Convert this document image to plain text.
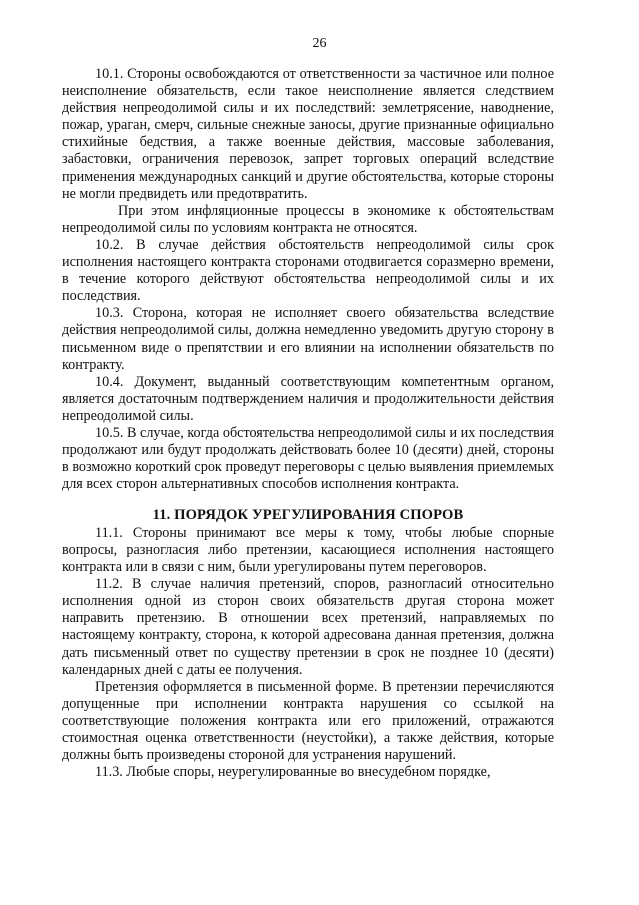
26

10.1. Стороны освобождаются от ответственности за частичное или полное неисполнение обязательств, если такое неисполнение является следствием действия непреодолимой силы и их последствий: землетрясение, наводнение, пожар, ураган, смерч, сильные снежные заносы, другие признанные официально стихийные бедствия, а также военные действия, массовые заболевания, забастовки, ограничения перевозок, запрет торговых операций вследствие применения международных санкций и другие обстоятельства, которые стороны не могли предвидеть или предотвратить.

При этом инфляционные процессы в экономике к обстоятельствам непреодолимой силы по условиям контракта не относятся.

10.2. В случае действия обстоятельств непреодолимой силы срок исполнения настоящего контракта сторонами отодвигается соразмерно времени, в течение которого действуют обстоятельства непреодолимой силы и их последствия.

10.3. Сторона, которая не исполняет своего обязательства вследствие действия непреодолимой силы, должна немедленно уведомить другую сторону в письменном виде о препятствии и его влиянии на исполнении обязательств по контракту.

10.4. Документ, выданный соответствующим компетентным органом, является достаточным подтверждением наличия и продолжительности действия непреодолимой силы.

10.5. В случае, когда обстоятельства непреодолимой силы и их последствия продолжают или будут продолжать действовать более 10 (десяти) дней, стороны в возможно короткий срок проведут переговоры с целью выявления приемлемых для всех сторон альтернативных способов исполнения контракта.

11. ПОРЯДОК УРЕГУЛИРОВАНИЯ СПОРОВ

11.1. Стороны принимают все меры к тому, чтобы любые спорные вопросы, разногласия либо претензии, касающиеся исполнения настоящего контракта или в связи с ним, были урегулированы путем переговоров.

11.2. В случае наличия претензий, споров, разногласий относительно исполнения одной из сторон своих обязательств другая сторона может направить претензию. В отношении всех претензий, направляемых по настоящему контракту, сторона, к которой адресована данная претензия, должна дать письменный ответ по существу претензии в срок не позднее 10 (десяти) календарных дней с даты ее получения.

Претензия оформляется в письменной форме. В претензии перечисляются допущенные при исполнении контракта нарушения со ссылкой на соответствующие положения контракта или его приложений, отражаются стоимостная оценка ответственности (неустойки), а также действия, которые должны быть произведены стороной для устранения нарушений.

11.3. Любые споры, неурегулированные во внесудебном порядке,
